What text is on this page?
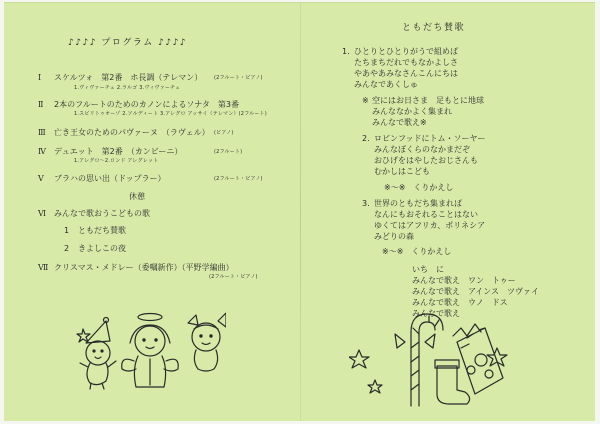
♪♪♪♪ プログラム ♪♪♪♪
Ⅰ スケルツォ　第2番　ホ長調（テレマン） (2フルート・ピアノ)
1.ヴィヴァーチェ 2.ラルゴ 3.ヴィヴァーチェ
Ⅱ 2本のフルートのためのカノンによるソナタ　第3番
1.スピリトゥオーゾ 2.ソルディート 3.アレグロ アッサイ（テレマン）(2フルート)
Ⅲ 亡き王女のためのパヴァーヌ　（ラヴェル） (ピアノ)
Ⅳ デュエット　第2番　（カンビーニ）	(2フルート)
1.アレグロ～2.ロンド アレグレット
Ⅴ ブラハの思い出（ドップラー）	(2フルート・ピアノ)
休憩
Ⅵ みんなで歌おうこどもの歌
1 ともだち賛歌
2 きよしこの夜
Ⅶ クリスマス・メドレー（委嘱新作）（平野学編曲）
(2フルート・ピアノ)
ともだち賛歌
1. ひとりとひとりがうで組めば
たちまちだれでもなかよしさ
やあやあみなさんこんにちは
みんなであくしゅ
※ 空にはお日さま　足もとに地球
みんななかよく集まれ
みんなで歌え※
2. ロビンフッドにトム・ソーヤー
みんなぼくらのなかまだぞ
おひげをはやしたおじさんも
むかしはこども
※～※　くりかえし
3. 世界のともだち集まれば
なんにもおそれることはない
ゆくてはアフリカ、ポリネシア
みどりの森
※～※　くりかえし
いち　に
みんなで歌え　ワン　トゥー
みんなで歌え　アインス　ツヴァイ
みんなで歌え　ウノ　ドス
みんなで歌え
